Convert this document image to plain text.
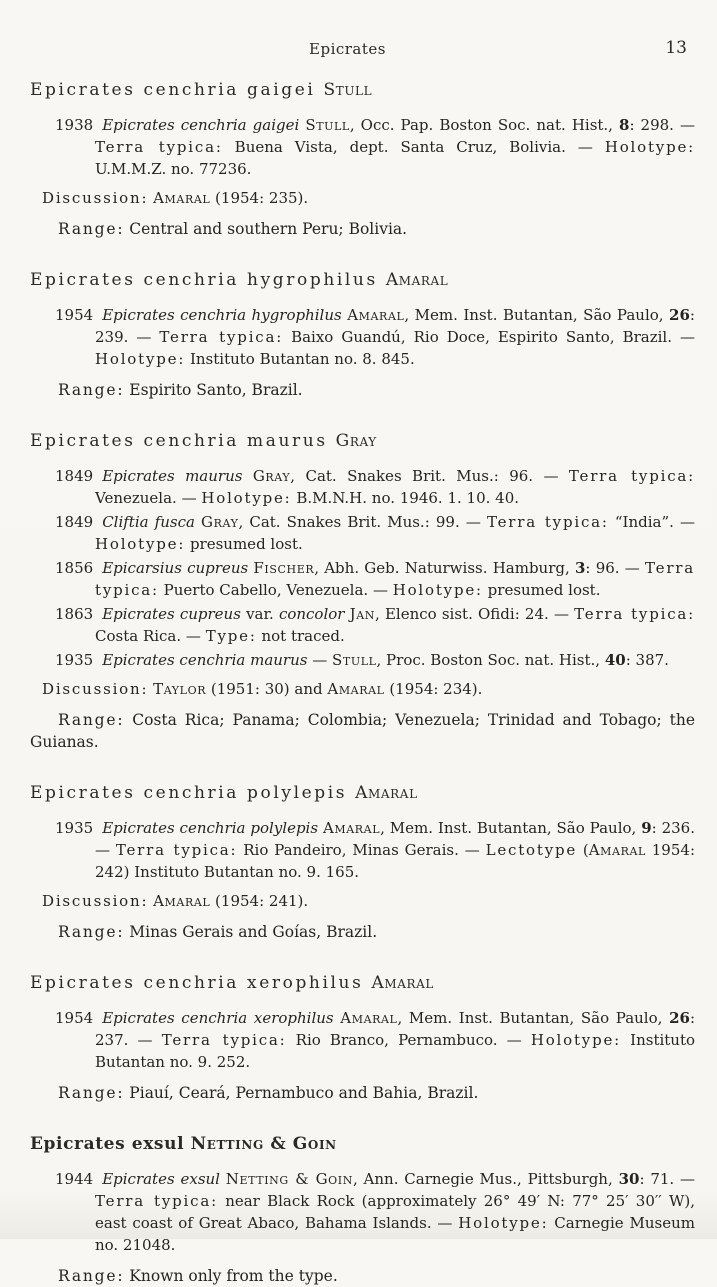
Epicrates	13
Epicrates cenchria gaigei Stull

1938 Epicrates cenchria gaigei Stull, Occ. Pap. Boston Soc. nat. Hist., 8: 298. — Terra typica: Buena Vista, dept. Santa Cruz, Bolivia. — Holotype: U.M.M.Z. no. 77236.

Discussion: Amaral (1954: 235).

Range: Central and southern Peru; Bolivia.

Epicrates cenchria hygrophilus Amaral

1954 Epicrates cenchria hygrophilus Amaral, Mem. Inst. Butantan, São Paulo, 26: 239. — Terra typica: Baixo Guandú, Rio Doce, Espirito Santo, Brazil. — Holotype: Instituto Butantan no. 8. 845.

Range: Espirito Santo, Brazil.

Epicrates cenchria maurus Gray

1849 Epicrates maurus Gray, Cat. Snakes Brit. Mus.: 96. — Terra typica: Venezuela. — Holotype: B.M.N.H. no. 1946. 1. 10. 40.

1849 Cliftia fusca Gray, Cat. Snakes Brit. Mus.: 99. — Terra typica: “India”. — Holotype: presumed lost.

1856 Epicarsius cupreus Fischer, Abh. Geb. Naturwiss. Hamburg, 3: 96. — Terra typica: Puerto Cabello, Venezuela. — Holotype: presumed lost.

1863 Epicrates cupreus var. concolor Jan, Elenco sist. Ofidi: 24. — Terra typica: Costa Rica. — Type: not traced.

1935 Epicrates cenchria maurus — Stull, Proc. Boston Soc. nat. Hist., 40: 387.

Discussion: Taylor (1951: 30) and Amaral (1954: 234).

Range: Costa Rica; Panama; Colombia; Venezuela; Trinidad and Tobago; the Guianas.

Epicrates cenchria polylepis Amaral

1935 Epicrates cenchria polylepis Amaral, Mem. Inst. Butantan, São Paulo, 9: 236. — Terra typica: Rio Pandeiro, Minas Gerais. — Lectotype (Amaral 1954: 242) Instituto Butantan no. 9. 165.

Discussion: Amaral (1954: 241).

Range: Minas Gerais and Goías, Brazil.

Epicrates cenchria xerophilus Amaral

1954 Epicrates cenchria xerophilus Amaral, Mem. Inst. Butantan, São Paulo, 26: 237. — Terra typica: Rio Branco, Pernambuco. — Holotype: Instituto Butantan no. 9. 252.

Range: Piauí, Ceará, Pernambuco and Bahia, Brazil.

Epicrates exsul Netting & Goin

1944 Epicrates exsul Netting & Goin, Ann. Carnegie Mus., Pittsburgh, 30: 71. — Terra typica: near Black Rock (approximately 26° 49′ N: 77° 25′ 30′′ W), east coast of Great Abaco, Bahama Islands. — Holotype: Carnegie Museum no. 21048.

Range: Known only from the type.
